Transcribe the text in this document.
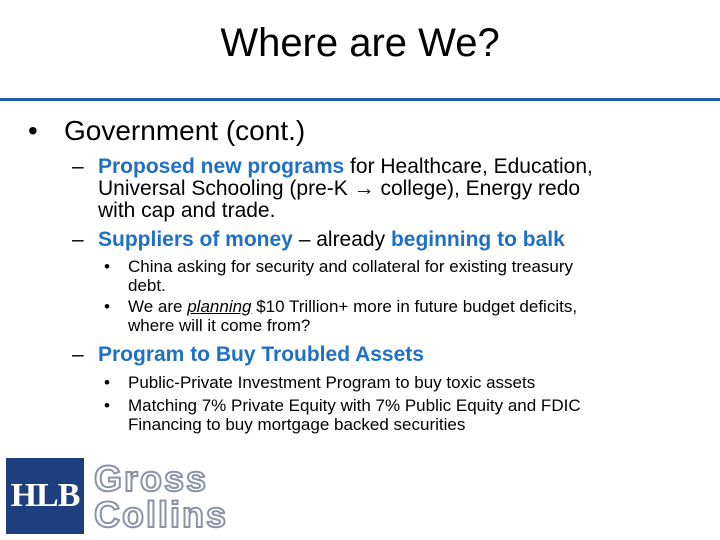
Where are We?
• Government (cont.)
– Proposed new programs for Healthcare, Education,
Universal Schooling (pre-K → college), Energy redo
with cap and trade.
– Suppliers of money – already beginning to balk
• China asking for security and collateral for existing treasury
debt.
• We are planning $10 Trillion+ more in future budget deficits,
where will it come from?
– Program to Buy Troubled Assets
• Public-Private Investment Program to buy toxic assets
• Matching 7% Private Equity with 7% Public Equity and FDIC
Financing to buy mortgage backed securities
HLB Gross
Collins
